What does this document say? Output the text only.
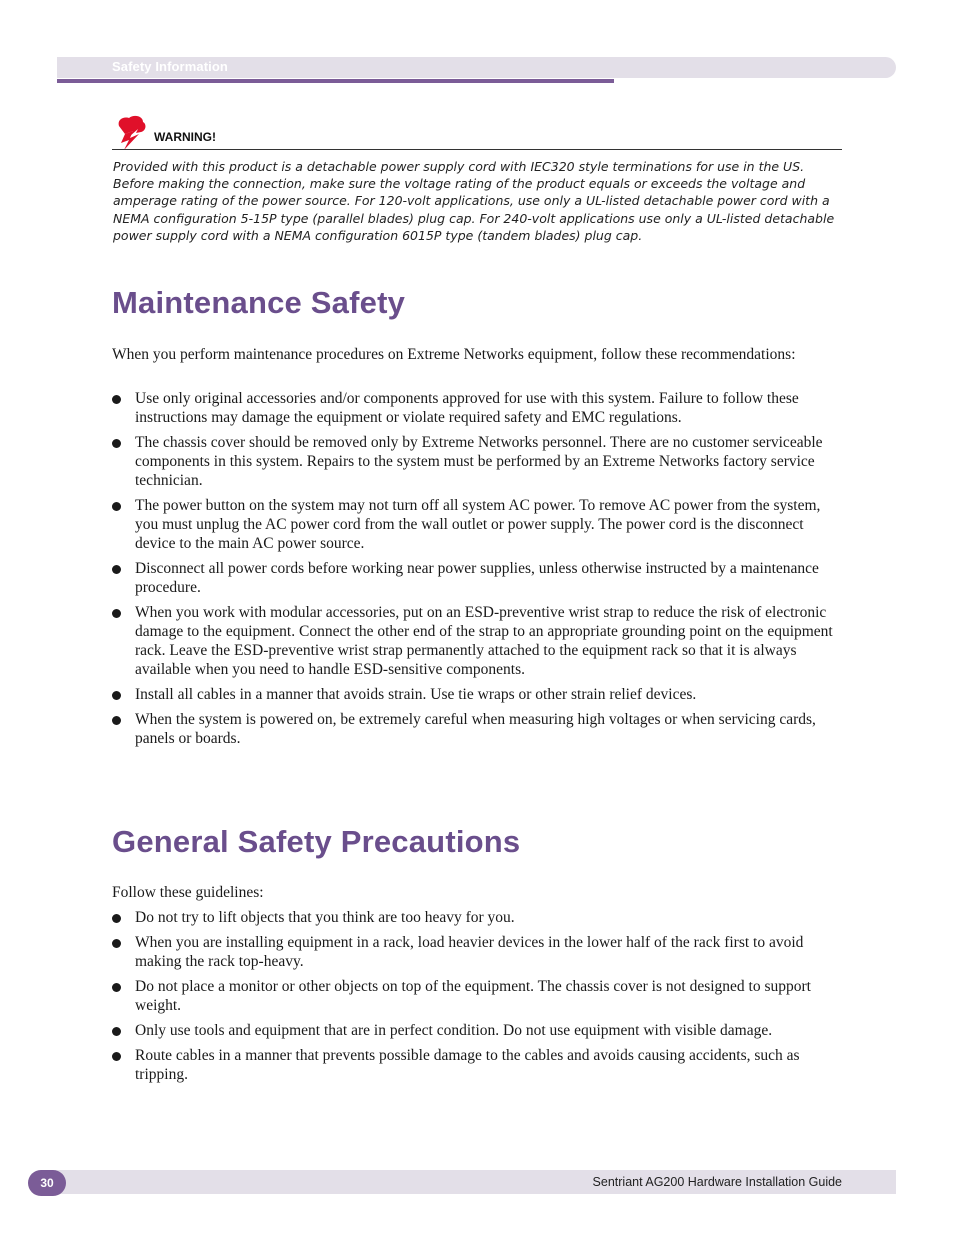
Safety Information
WARNING!

Provided with this product is a detachable power supply cord with IEC320 style terminations for use in the US. Before making the connection, make sure the voltage rating of the product equals or exceeds the voltage and amperage rating of the power source. For 120-volt applications, use only a UL-listed detachable power cord with a NEMA configuration 5-15P type (parallel blades) plug cap. For 240-volt applications use only a UL-listed detachable power supply cord with a NEMA configuration 6015P type (tandem blades) plug cap.

Maintenance Safety

When you perform maintenance procedures on Extreme Networks equipment, follow these recommendations:

Use only original accessories and/or components approved for use with this system. Failure to follow these instructions may damage the equipment or violate required safety and EMC regulations.
The chassis cover should be removed only by Extreme Networks personnel. There are no customer serviceable components in this system. Repairs to the system must be performed by an Extreme Networks factory service technician.
The power button on the system may not turn off all system AC power. To remove AC power from the system, you must unplug the AC power cord from the wall outlet or power supply. The power cord is the disconnect device to the main AC power source.
Disconnect all power cords before working near power supplies, unless otherwise instructed by a maintenance procedure.
When you work with modular accessories, put on an ESD-preventive wrist strap to reduce the risk of electronic damage to the equipment. Connect the other end of the strap to an appropriate grounding point on the equipment rack. Leave the ESD-preventive wrist strap permanently attached to the equipment rack so that it is always available when you need to handle ESD-sensitive components.
Install all cables in a manner that avoids strain. Use tie wraps or other strain relief devices.
When the system is powered on, be extremely careful when measuring high voltages or when servicing cards, panels or boards.
General Safety Precautions

Follow these guidelines:

Do not try to lift objects that you think are too heavy for you.
When you are installing equipment in a rack, load heavier devices in the lower half of the rack first to avoid making the rack top-heavy.
Do not place a monitor or other objects on top of the equipment. The chassis cover is not designed to support weight.
Only use tools and equipment that are in perfect condition. Do not use equipment with visible damage.
Route cables in a manner that prevents possible damage to the cables and avoids causing accidents, such as tripping.
30	Sentriant AG200 Hardware Installation Guide
